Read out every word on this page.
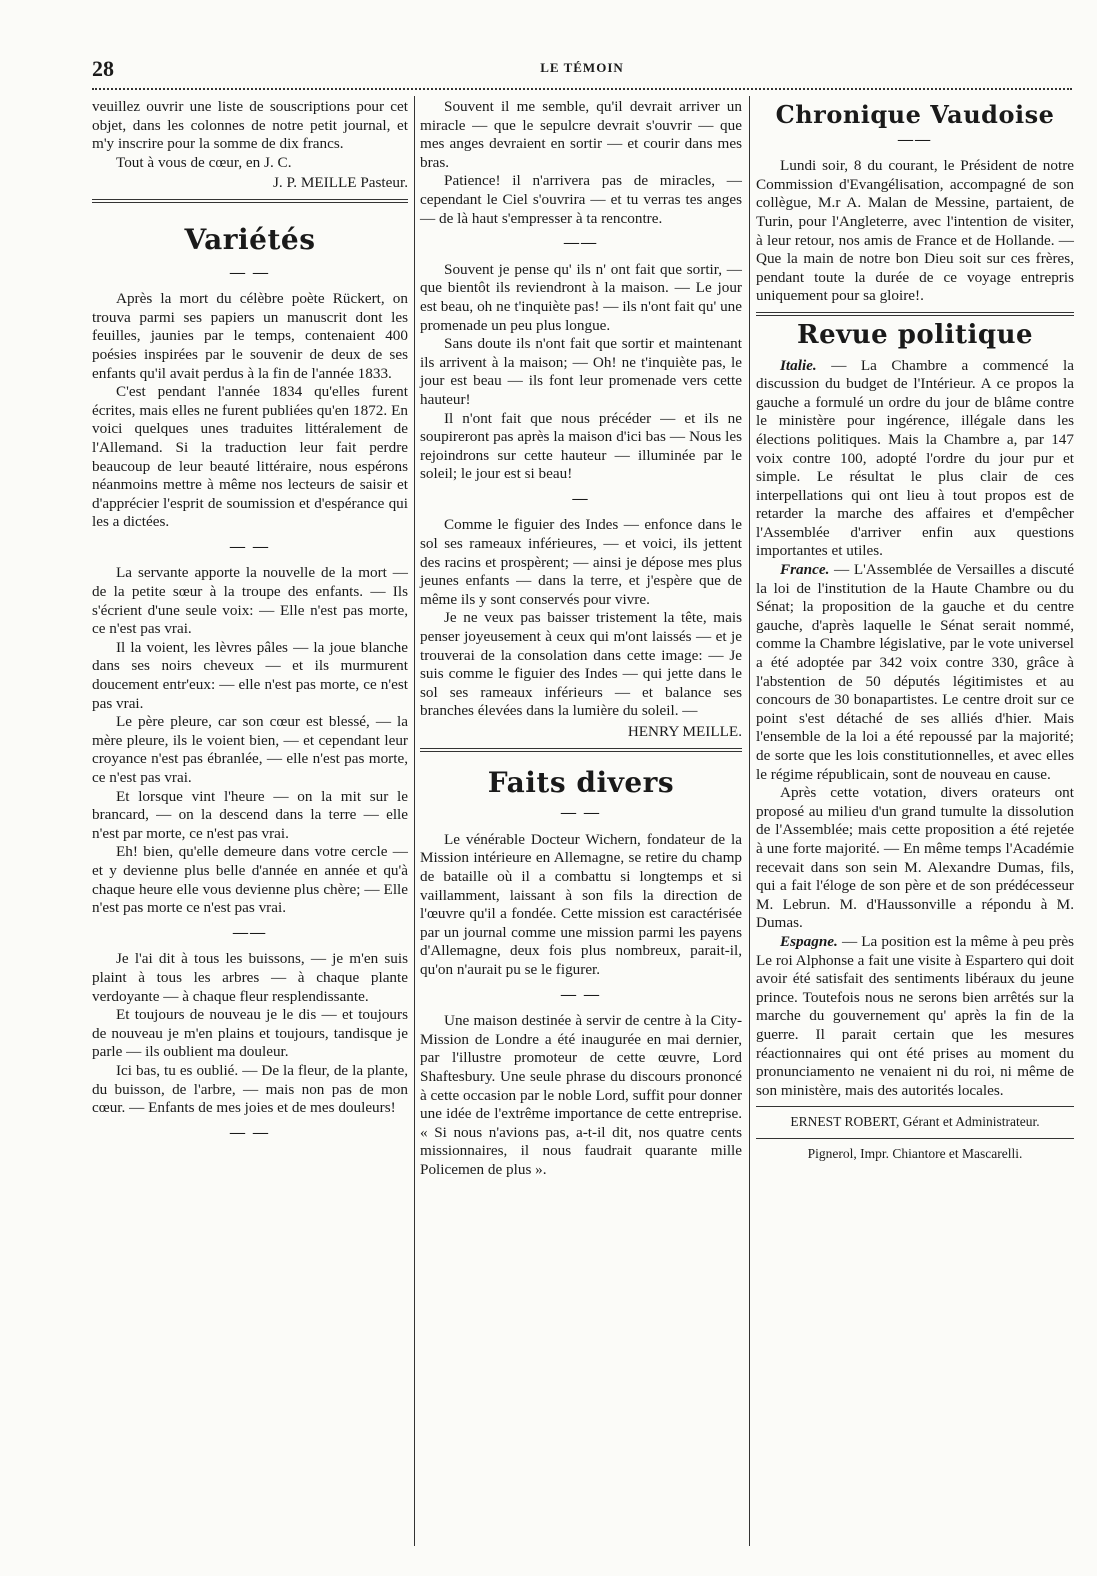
28	LE TÉMOIN

veuillez ouvrir une liste de souscriptions pour cet objet, dans les colonnes de notre petit journal, et m'y inscrire pour la somme de dix francs.

Tout à vous de cœur, en J. C.

J. P. MEILLE Pasteur.
Variétés
— —

Après la mort du célèbre poète Rückert, on trouva parmi ses papiers un manuscrit dont les feuilles, jaunies par le temps, contenaient 400 poésies inspirées par le souvenir de deux de ses enfants qu'il avait perdus à la fin de l'année 1833.

C'est pendant l'année 1834 qu'elles furent écrites, mais elles ne furent publiées qu'en 1872. En voici quelques unes traduites littéralement de l'Allemand. Si la traduction leur fait perdre beaucoup de leur beauté littéraire, nous espérons néanmoins mettre à même nos lecteurs de saisir et d'apprécier l'esprit de soumission et d'espérance qui les a dictées.

— —

La servante apporte la nouvelle de la mort — de la petite sœur à la troupe des enfants. — Ils s'écrient d'une seule voix: — Elle n'est pas morte, ce n'est pas vrai.

Il la voient, les lèvres pâles — la joue blanche dans ses noirs cheveux — et ils murmurent doucement entr'eux: — elle n'est pas morte, ce n'est pas vrai.

Le père pleure, car son cœur est blessé, — la mère pleure, ils le voient bien, — et cependant leur croyance n'est pas ébranlée, — elle n'est pas morte, ce n'est pas vrai.

Et lorsque vint l'heure — on la mit sur le brancard, — on la descend dans la terre — elle n'est par morte, ce n'est pas vrai.

Eh! bien, qu'elle demeure dans votre cercle — et y devienne plus belle d'année en année et qu'à chaque heure elle vous devienne plus chère; — Elle n'est pas morte ce n'est pas vrai.

——

Je l'ai dit à tous les buissons, — je m'en suis plaint à tous les arbres — à chaque plante verdoyante — à chaque fleur resplendissante.

Et toujours de nouveau je le dis — et toujours de nouveau je m'en plains et toujours, tandisque je parle — ils oublient ma douleur.

Ici bas, tu es oublié. — De la fleur, de la plante, du buisson, de l'arbre, — mais non pas de mon cœur. — Enfants de mes joies et de mes douleurs!

— —

Souvent il me semble, qu'il devrait arriver un miracle — que le sepulcre devrait s'ouvrir — que mes anges devraient en sortir — et courir dans mes bras.

Patience! il n'arrivera pas de miracles, — cependant le Ciel s'ouvrira — et tu verras tes anges — de là haut s'empresser à ta rencontre.

——

Souvent je pense qu' ils n' ont fait que sortir, — que bientôt ils reviendront à la maison. — Le jour est beau, oh ne t'inquiète pas! — ils n'ont fait qu' une promenade un peu plus longue.

Sans doute ils n'ont fait que sortir et maintenant ils arrivent à la maison; — Oh! ne t'inquiète pas, le jour est beau — ils font leur promenade vers cette hauteur!

Il n'ont fait que nous précéder — et ils ne soupireront pas après la maison d'ici bas — Nous les rejoindrons sur cette hauteur — illuminée par le soleil; le jour est si beau!

—

Comme le figuier des Indes — enfonce dans le sol ses rameaux inférieures, — et voici, ils jettent des racins et prospèrent; — ainsi je dépose mes plus jeunes enfants — dans la terre, et j'espère que de même ils y sont conservés pour vivre.

Je ne veux pas baisser tristement la tête, mais penser joyeusement à ceux qui m'ont laissés — et je trouverai de la consolation dans cette image: — Je suis comme le figuier des Indes — qui jette dans le sol ses rameaux inférieurs — et balance ses branches élevées dans la lumière du soleil. —

HENRY MEILLE.
Faits divers
— —

Le vénérable Docteur Wichern, fondateur de la Mission intérieure en Allemagne, se retire du champ de bataille où il a combattu si longtemps et si vaillamment, laissant à son fils la direction de l'œuvre qu'il a fondée. Cette mission est caractérisée par un journal comme une mission parmi les payens d'Allemagne, deux fois plus nombreux, parait-il, qu'on n'aurait pu se le figurer.

— —

Une maison destinée à servir de centre à la City-Mission de Londre a été inaugurée en mai dernier, par l'illustre promoteur de cette œuvre, Lord Shaftesbury. Une seule phrase du discours prononcé à cette occasion par le noble Lord, suffit pour donner une idée de l'extrême importance de cette entreprise. « Si nous n'avions pas, a-t-il dit, nos quatre cents missionnaires, il nous faudrait quarante mille Policemen de plus ».

Chronique Vaudoise
——

Lundi soir, 8 du courant, le Président de notre Commission d'Evangélisation, accompagné de son collègue, M.r A. Malan de Messine, partaient, de Turin, pour l'Angleterre, avec l'intention de visiter, à leur retour, nos amis de France et de Hollande. — Que la main de notre bon Dieu soit sur ces frères, pendant toute la durée de ce voyage entrepris uniquement pour sa gloire!.

Revue politique

Italie. — La Chambre a commencé la discussion du budget de l'Intérieur. A ce propos la gauche a formulé un ordre du jour de blâme contre le ministère pour ingérence, illégale dans les élections politiques. Mais la Chambre a, par 147 voix contre 100, adopté l'ordre du jour pur et simple. Le résultat le plus clair de ces interpellations qui ont lieu à tout propos est de retarder la marche des affaires et d'empêcher l'Assemblée d'arriver enfin aux questions importantes et utiles.

France. — L'Assemblée de Versailles a discuté la loi de l'institution de la Haute Chambre ou du Sénat; la proposition de la gauche et du centre gauche, d'après laquelle le Sénat serait nommé, comme la Chambre législative, par le vote universel a été adoptée par 342 voix contre 330, grâce à l'abstention de 50 députés légitimistes et au concours de 30 bonapartistes. Le centre droit sur ce point s'est détaché de ses alliés d'hier. Mais l'ensemble de la loi a été repoussé par la majorité; de sorte que les lois constitutionnelles, et avec elles le régime républicain, sont de nouveau en cause.

Après cette votation, divers orateurs ont proposé au milieu d'un grand tumulte la dissolution de l'Assemblée; mais cette proposition a été rejetée à une forte majorité. — En même temps l'Académie recevait dans son sein M. Alexandre Dumas, fils, qui a fait l'éloge de son père et de son prédécesseur M. Lebrun. M. d'Haussonville a répondu à M. Dumas.

Espagne. — La position est la même à peu près Le roi Alphonse a fait une visite à Espartero qui doit avoir été satisfait des sentiments libéraux du jeune prince. Toutefois nous ne serons bien arrêtés sur la marche du gouvernement qu' après la fin de la guerre. Il parait certain que les mesures réactionnaires qui ont été prises au moment du pronunciamento ne venaient ni du roi, ni même de son ministère, mais des autorités locales.

ERNEST ROBERT, Gérant et Administrateur.
Pignerol, Impr. Chiantore et Mascarelli.
